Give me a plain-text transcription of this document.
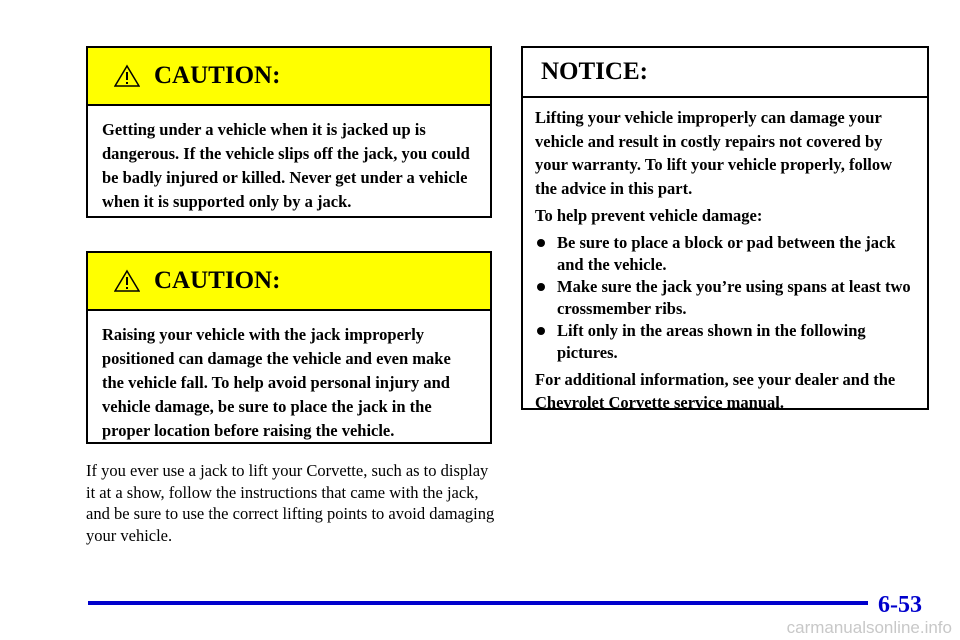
CAUTION:
Getting under a vehicle when it is jacked up is dangerous. If the vehicle slips off the jack, you could be badly injured or killed. Never get under a vehicle when it is supported only by a jack.
CAUTION:
Raising your vehicle with the jack improperly positioned can damage the vehicle and even make the vehicle fall. To help avoid personal injury and vehicle damage, be sure to place the jack in the proper location before raising the vehicle.
If you ever use a jack to lift your Corvette, such as to display it at a show, follow the instructions that came with the jack, and be sure to use the correct lifting points to avoid damaging your vehicle.
NOTICE:

Lifting your vehicle improperly can damage your vehicle and result in costly repairs not covered by your warranty. To lift your vehicle properly, follow the advice in this part.

To help prevent vehicle damage:

Be sure to place a block or pad between the jack and the vehicle.
Make sure the jack you’re using spans at least two crossmember ribs.
Lift only in the areas shown in the following pictures.

For additional information, see your dealer and the Chevrolet Corvette service manual.

6-53
carmanualsonline.info
